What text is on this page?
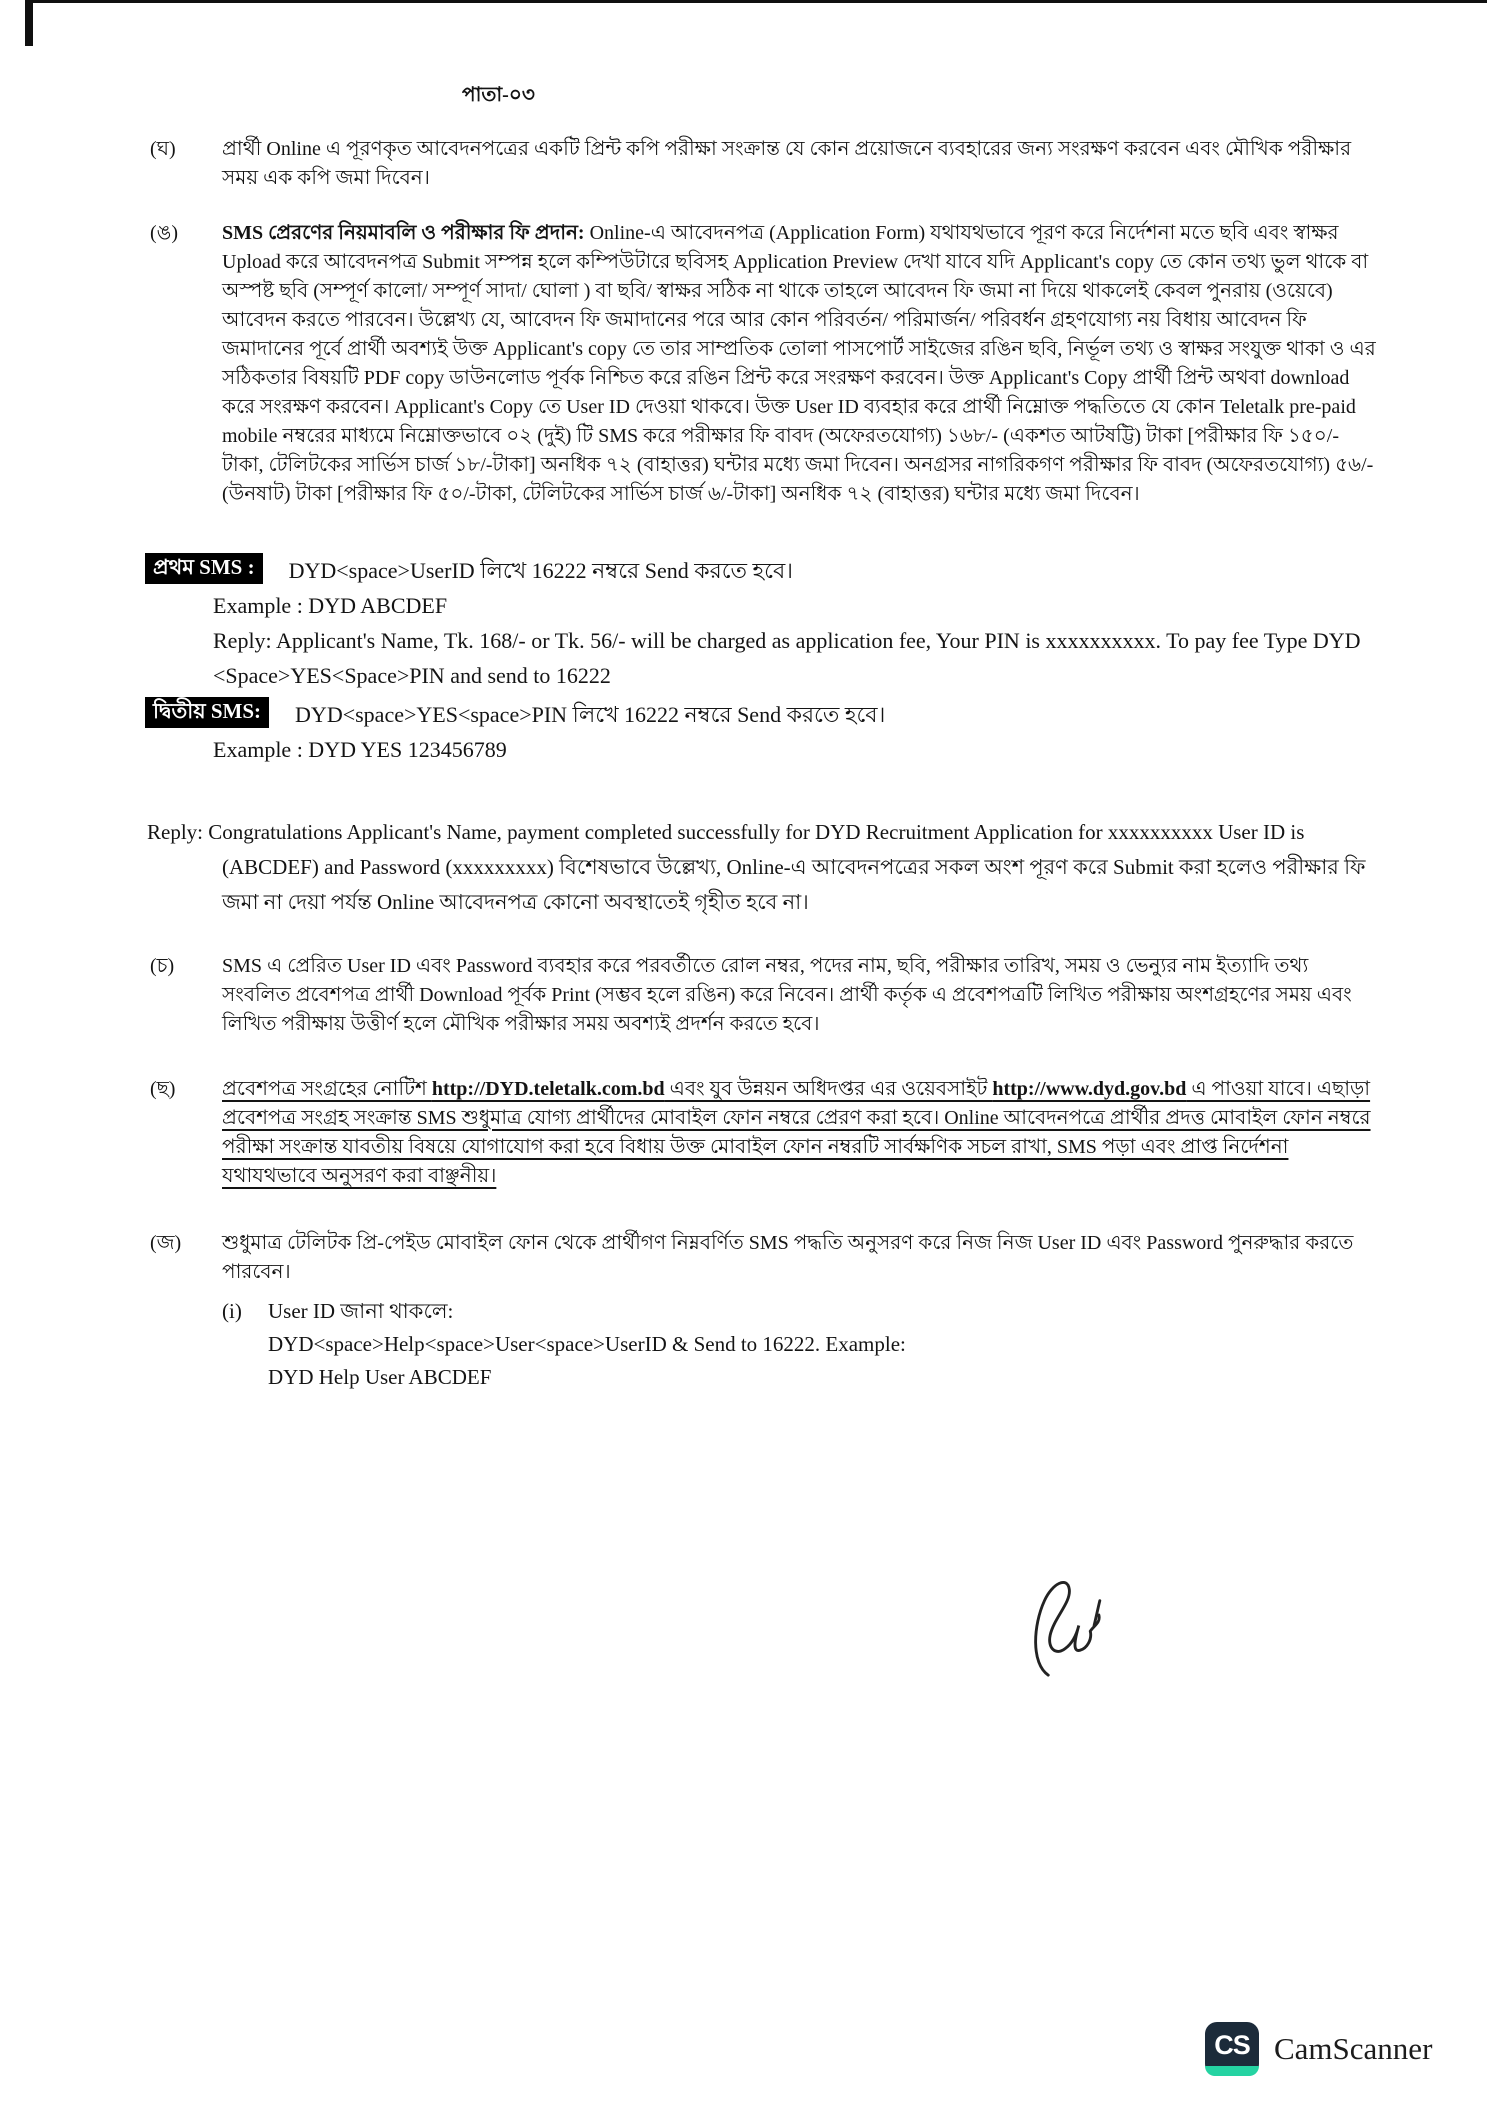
পাতা-০৩
(ঘ)	প্রার্থী Online এ পূরণকৃত আবেদনপত্রের একটি প্রিন্ট কপি পরীক্ষা সংক্রান্ত যে কোন প্রয়োজনে ব্যবহারের জন্য সংরক্ষণ করবেন এবং মৌখিক পরীক্ষার সময় এক কপি জমা দিবেন।
(ঙ)	SMS প্রেরণের নিয়মাবলি ও পরীক্ষার ফি প্রদান: Online-এ আবেদনপত্র (Application Form) যথাযথভাবে পূরণ করে নির্দেশনা মতে ছবি এবং স্বাক্ষর Upload করে আবেদনপত্র Submit সম্পন্ন হলে কম্পিউটারে ছবিসহ Application Preview দেখা যাবে যদি Applicant's copy তে কোন তথ্য ভুল থাকে বা অস্পষ্ট ছবি (সম্পূর্ণ কালো/ সম্পূর্ণ সাদা/ ঘোলা ) বা ছবি/ স্বাক্ষর সঠিক না থাকে তাহলে আবেদন ফি জমা না দিয়ে থাকলেই কেবল পুনরায় (ওয়েবে) আবেদন করতে পারবেন। উল্লেখ্য যে, আবেদন ফি জমাদানের পরে আর কোন পরিবর্তন/ পরিমার্জন/ পরিবর্ধন গ্রহণযোগ্য নয় বিধায় আবেদন ফি জমাদানের পূর্বে প্রার্থী অবশ্যই উক্ত Applicant's copy তে তার সাম্প্রতিক তোলা পাসপোর্ট সাইজের রঙিন ছবি, নির্ভূল তথ্য ও স্বাক্ষর সংযুক্ত থাকা ও এর সঠিকতার বিষয়টি PDF copy ডাউনলোড পূর্বক নিশ্চিত করে রঙিন প্রিন্ট করে সংরক্ষণ করবেন। উক্ত Applicant's Copy প্রার্থী প্রিন্ট অথবা download করে সংরক্ষণ করবেন। Applicant's Copy তে User ID দেওয়া থাকবে। উক্ত User ID ব্যবহার করে প্রার্থী নিম্নোক্ত পদ্ধতিতে যে কোন Teletalk pre-paid mobile নম্বরের মাধ্যমে নিম্নোক্তভাবে ০২ (দুই) টি SMS করে পরীক্ষার ফি বাবদ (অফেরতযোগ্য) ১৬৮/- (একশত আটষট্টি) টাকা [পরীক্ষার ফি ১৫০/-টাকা, টেলিটকের সার্ভিস চার্জ ১৮/-টাকা] অনধিক ৭২ (বাহাত্তর) ঘন্টার মধ্যে জমা দিবেন। অনগ্রসর নাগরিকগণ পরীক্ষার ফি বাবদ (অফেরতযোগ্য) ৫৬/- (উনষাট) টাকা [পরীক্ষার ফি ৫০/-টাকা, টেলিটকের সার্ভিস চার্জ ৬/-টাকা] অনধিক ৭২ (বাহাত্তর) ঘন্টার মধ্যে জমা দিবেন।
প্রথম SMS :	DYD<space>UserID লিখে 16222 নম্বরে Send করতে হবে।
Example : DYD ABCDEF
Reply: Applicant's Name, Tk. 168/- or Tk. 56/- will be charged as application fee, Your PIN is xxxxxxxxxx. To pay fee Type DYD <Space>YES<Space>PIN and send to 16222
দ্বিতীয় SMS:	DYD<space>YES<space>PIN লিখে 16222 নম্বরে Send করতে হবে।
Example : DYD YES 123456789
Reply: Congratulations Applicant's Name, payment completed successfully for DYD Recruitment Application for xxxxxxxxxx User ID is (ABCDEF) and Password (xxxxxxxxx) বিশেষভাবে উল্লেখ্য, Online-এ আবেদনপত্রের সকল অংশ পূরণ করে Submit করা হলেও পরীক্ষার ফি জমা না দেয়া পর্যন্ত Online আবেদনপত্র কোনো অবস্থাতেই গৃহীত হবে না।
(চ)	SMS এ প্রেরিত User ID এবং Password ব্যবহার করে পরবর্তীতে রোল নম্বর, পদের নাম, ছবি, পরীক্ষার তারিখ, সময় ও ভেন্যুর নাম ইত্যাদি তথ্য সংবলিত প্রবেশপত্র প্রার্থী Download পূর্বক Print (সম্ভব হলে রঙিন) করে নিবেন। প্রার্থী কর্তৃক এ প্রবেশপত্রটি লিখিত পরীক্ষায় অংশগ্রহণের সময় এবং লিখিত পরীক্ষায় উত্তীর্ণ হলে মৌখিক পরীক্ষার সময় অবশ্যই প্রদর্শন করতে হবে।
(ছ)	প্রবেশপত্র সংগ্রহের নোটিশ http://DYD.teletalk.com.bd এবং যুব উন্নয়ন অধিদপ্তর এর ওয়েবসাইট http://www.dyd.gov.bd এ পাওয়া যাবে। এছাড়া প্রবেশপত্র সংগ্রহ সংক্রান্ত SMS শুধুমাত্র যোগ্য প্রার্থীদের মোবাইল ফোন নম্বরে প্রেরণ করা হবে। Online আবেদনপত্রে প্রার্থীর প্রদত্ত মোবাইল ফোন নম্বরে পরীক্ষা সংক্রান্ত যাবতীয় বিষয়ে যোগাযোগ করা হবে বিধায় উক্ত মোবাইল ফোন নম্বরটি সার্বক্ষণিক সচল রাখা, SMS পড়া এবং প্রাপ্ত নির্দেশনা যথাযথভাবে অনুসরণ করা বাঞ্ছনীয়।
(জ)	শুধুমাত্র টেলিটক প্রি-পেইড মোবাইল ফোন থেকে প্রার্থীগণ নিম্নবর্ণিত SMS পদ্ধতি অনুসরণ করে নিজ নিজ User ID এবং Password পুনরুদ্ধার করতে পারবেন।
(i)	User ID জানা থাকলে:
DYD<space>Help<space>User<space>UserID & Send to 16222. Example:
DYD Help User ABCDEF
CS CamScanner
